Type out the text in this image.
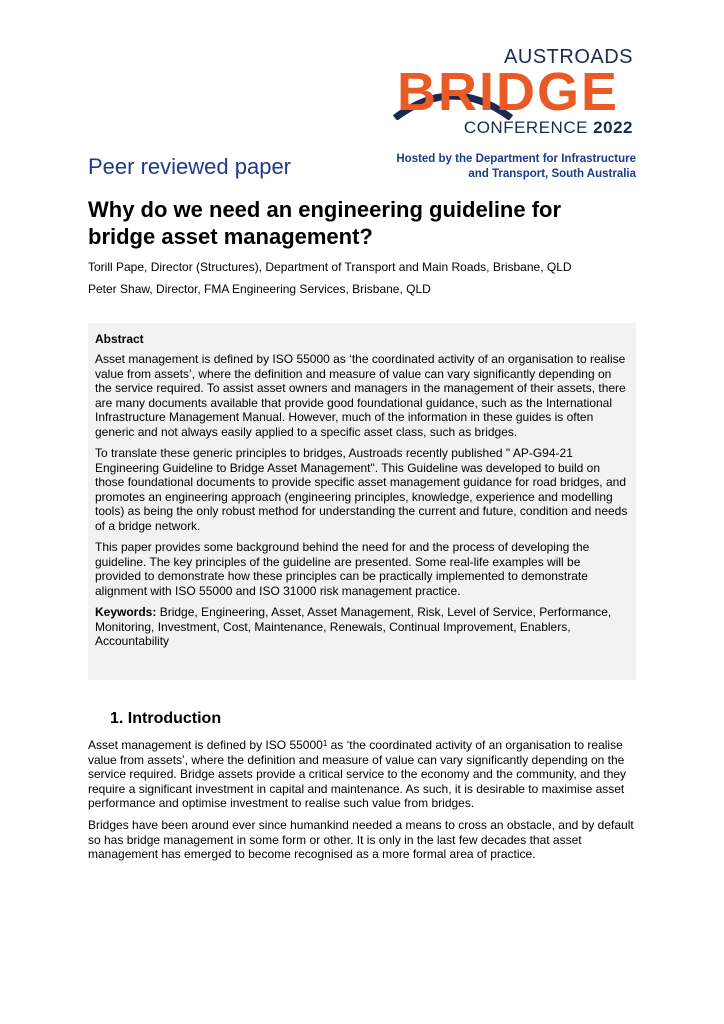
AUSTROADS
BRIDGE
CONFERENCE 2022
Peer reviewed paper	Hosted by the Department for Infrastructure
and Transport, South Australia
Why do we need an engineering guideline for
bridge asset management?
Torill Pape, Director (Structures), Department of Transport and Main Roads, Brisbane, QLD
Peter Shaw, Director, FMA Engineering Services, Brisbane, QLD
Abstract

Asset management is defined by ISO 55000 as ‘the coordinated activity of an organisation to realise value from assets’, where the definition and measure of value can vary significantly depending on the service required. To assist asset owners and managers in the management of their assets, there are many documents available that provide good foundational guidance, such as the International Infrastructure Management Manual. However, much of the information in these guides is often generic and not always easily applied to a specific asset class, such as bridges.

To translate these generic principles to bridges, Austroads recently published " AP-G94-21 Engineering Guideline to Bridge Asset Management". This Guideline was developed to build on those foundational documents to provide specific asset management guidance for road bridges, and promotes an engineering approach (engineering principles, knowledge, experience and modelling tools) as being the only robust method for understanding the current and future, condition and needs of a bridge network.

This paper provides some background behind the need for and the process of developing the guideline. The key principles of the guideline are presented. Some real-life examples will be provided to demonstrate how these principles can be practically implemented to demonstrate alignment with ISO 55000 and ISO 31000 risk management practice.

Keywords: Bridge, Engineering, Asset, Asset Management, Risk, Level of Service, Performance, Monitoring, Investment, Cost, Maintenance, Renewals, Continual Improvement, Enablers, Accountability

1. Introduction

Asset management is defined by ISO 55000$^1$ as ‘the coordinated activity of an organisation to realise value from assets’, where the definition and measure of value can vary significantly depending on the service required. Bridge assets provide a critical service to the economy and the community, and they require a significant investment in capital and maintenance. As such, it is desirable to maximise asset performance and optimise investment to realise such value from bridges.

Bridges have been around ever since humankind needed a means to cross an obstacle, and by default so has bridge management in some form or other. It is only in the last few decades that asset management has emerged to become recognised as a more formal area of practice.
